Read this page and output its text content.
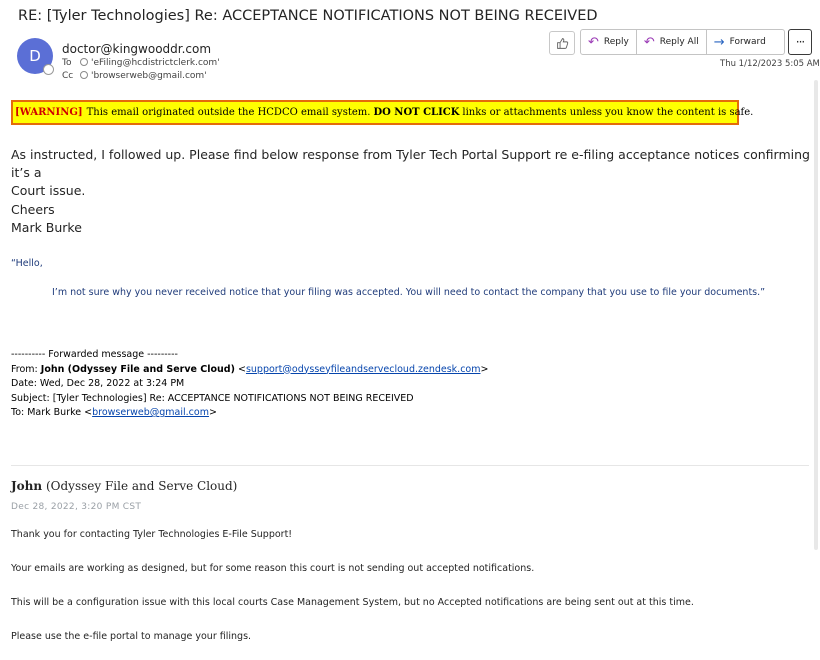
RE: [Tyler Technologies] Re: ACCEPTANCE NOTIFICATIONS NOT BEING RECEIVED
D	doctor@kingwooddr.com
To 'eFiling@hcdistrictclerk.com'
Cc 'browserweb@gmail.com'
↶ Reply ↶ Reply All → Forward ···
Thu 1/12/2023 5:05 AM
[WARNING] This email originated outside the HCDCO email system. DO NOT CLICK links or attachments unless you know the content is safe.
As instructed, I followed up. Please find below response from Tyler Tech Portal Support re e-filing acceptance notices confirming it’s a
Court issue.
Cheers
Mark Burke
“Hello,
I’m not sure why you never received notice that your filing was accepted. You will need to contact the company that you use to file your documents.”
---------- Forwarded message ---------
From: John (Odyssey File and Serve Cloud) <support@odysseyfileandservecloud.zendesk.com>
Date: Wed, Dec 28, 2022 at 3:24 PM
Subject: [Tyler Technologies] Re: ACCEPTANCE NOTIFICATIONS NOT BEING RECEIVED
To: Mark Burke <browserweb@gmail.com>
John (Odyssey File and Serve Cloud)
Dec 28, 2022, 3:20 PM CST
Thank you for contacting Tyler Technologies E-File Support!
Your emails are working as designed, but for some reason this court is not sending out accepted notifications.
This will be a configuration issue with this local courts Case Management System, but no Accepted notifications are being sent out at this time.
Please use the e-file portal to manage your filings.
